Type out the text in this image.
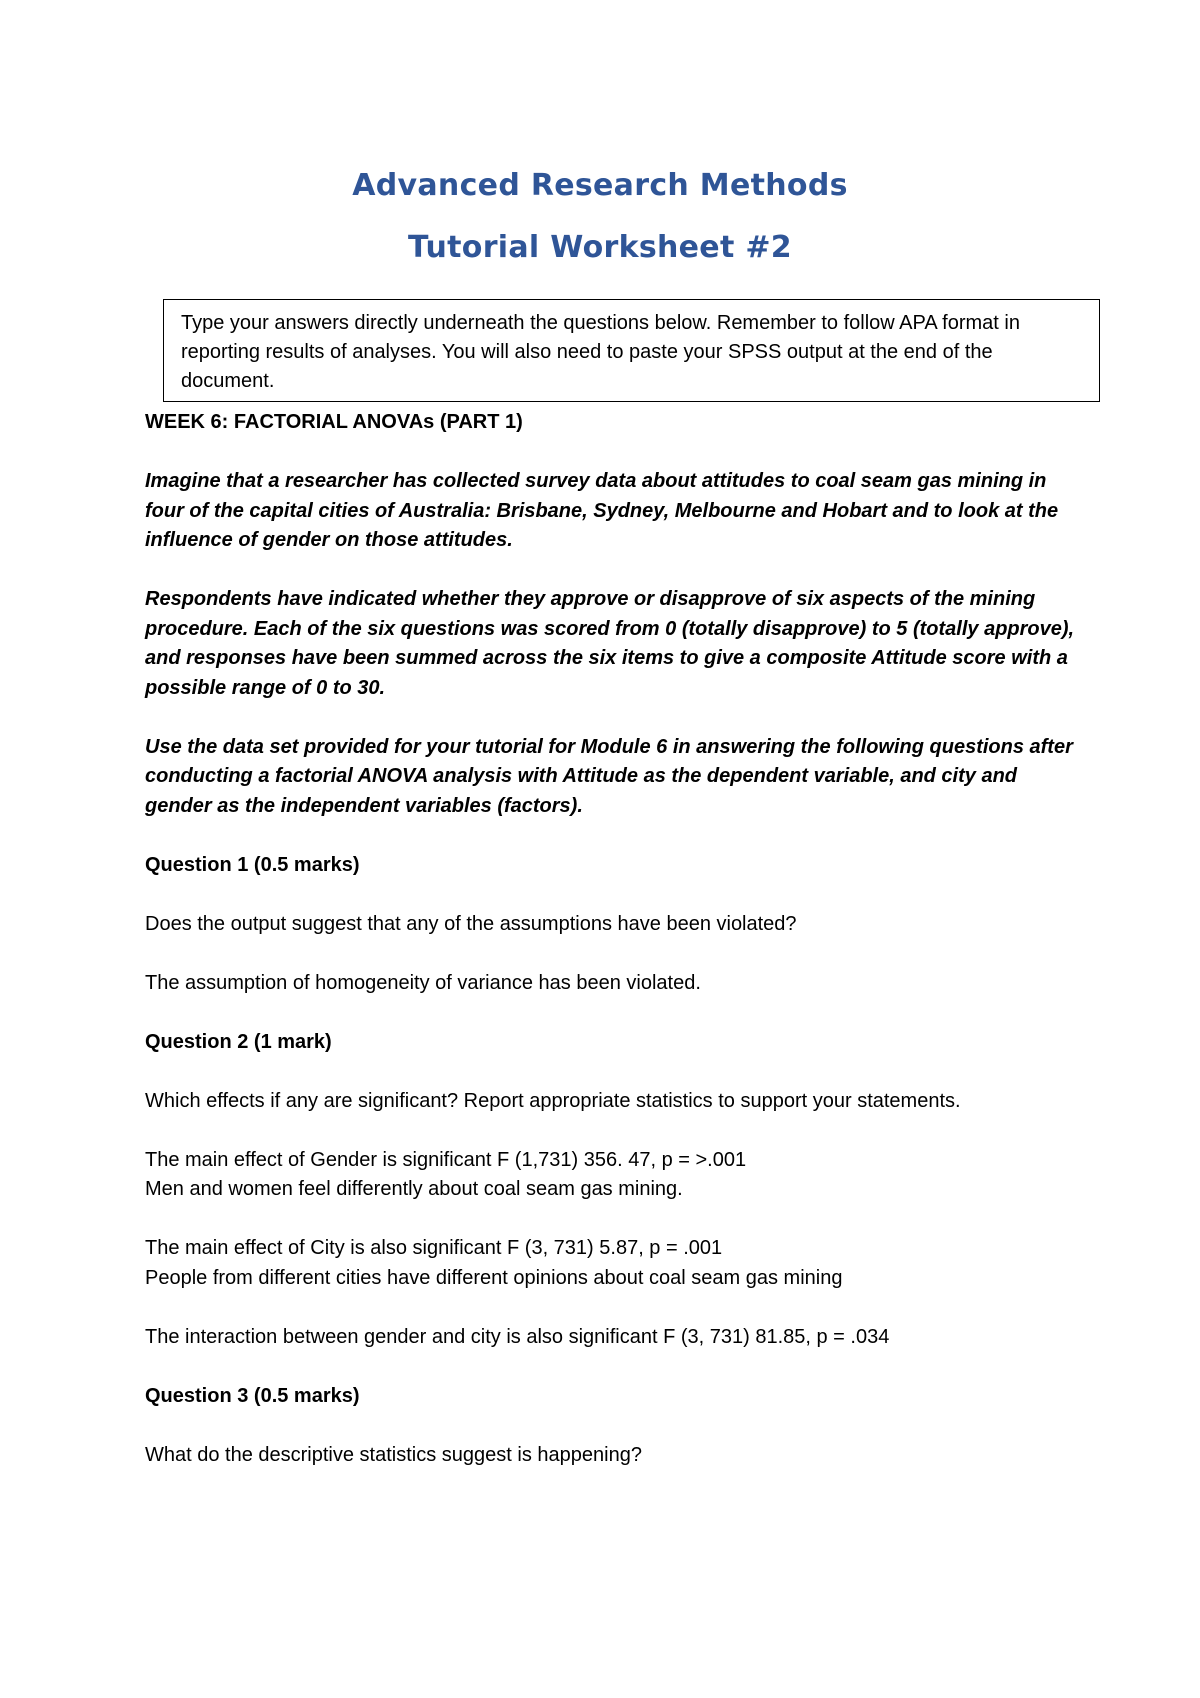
Advanced Research Methods
Tutorial Worksheet #2
Type your answers directly underneath the questions below. Remember to follow APA format in reporting results of analyses. You will also need to paste your SPSS output at the end of the document.

WEEK 6: FACTORIAL ANOVAs (PART 1)

Imagine that a researcher has collected survey data about attitudes to coal seam gas mining in four of the capital cities of Australia: Brisbane, Sydney, Melbourne and Hobart and to look at the influence of gender on those attitudes.

Respondents have indicated whether they approve or disapprove of six aspects of the mining procedure. Each of the six questions was scored from 0 (totally disapprove) to 5 (totally approve), and responses have been summed across the six items to give a composite Attitude score with a possible range of 0 to 30.

Use the data set provided for your tutorial for Module 6 in answering the following questions after conducting a factorial ANOVA analysis with Attitude as the dependent variable, and city and gender as the independent variables (factors).

Question 1 (0.5 marks)

Does the output suggest that any of the assumptions have been violated?

The assumption of homogeneity of variance has been violated.

Question 2 (1 mark)

Which effects if any are significant? Report appropriate statistics to support your statements.

The main effect of Gender is significant F (1,731) 356. 47, p = >.001

Men and women feel differently about coal seam gas mining.

The main effect of City is also significant F (3, 731) 5.87, p = .001

People from different cities have different opinions about coal seam gas mining

The interaction between gender and city is also significant F (3, 731) 81.85, p = .034

Question 3 (0.5 marks)

What do the descriptive statistics suggest is happening?
